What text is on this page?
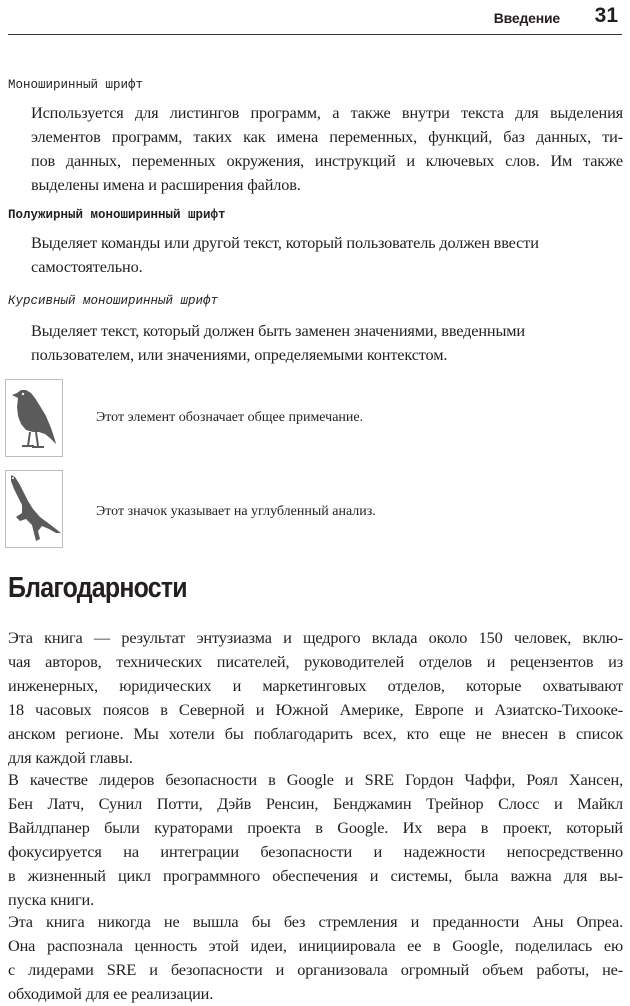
Введение 31
Моноширинный шрифт
Используется для листингов программ, а также внутри текста для выделения
элементов программ, таких как имена переменных, функций, баз данных, ти-
пов данных, переменных окружения, инструкций и ключевых слов. Им также
выделены имена и расширения файлов.
Полужирный моноширинный шрифт
Выделяет команды или другой текст, который пользователь должен ввести
самостоятельно.
Курсивный моноширинный шрифт
Выделяет текст, который должен быть заменен значениями, введенными
пользователем, или значениями, определяемыми контекстом.
Этот элемент обозначает общее примечание.
Этот значок указывает на углубленный анализ.
Благодарности
Эта книга — результат энтузиазма и щедрого вклада около 150 человек, вклю-
чая авторов, технических писателей, руководителей отделов и рецензентов из
инженерных, юридических и маркетинговых отделов, которые охватывают
18 часовых поясов в Северной и Южной Америке, Европе и Азиатско-Тихооке-
анском регионе. Мы хотели бы поблагодарить всех, кто еще не внесен в список
для каждой главы.
В качестве лидеров безопасности в Google и SRE Гордон Чаффи, Роял Хансен,
Бен Латч, Сунил Потти, Дэйв Ренсин, Бенджамин Трейнор Слосс и Майкл
Вайлдпанер были кураторами проекта в Google. Их вера в проект, который
фокусируется на интеграции безопасности и надежности непосредственно
в жизненный цикл программного обеспечения и системы, была важна для вы-
пуска книги.
Эта книга никогда не вышла бы без стремления и преданности Аны Опреа.
Она распознала ценность этой идеи, инициировала ее в Google, поделилась ею
с лидерами SRE и безопасности и организовала огромный объем работы, не-
обходимой для ее реализации.
